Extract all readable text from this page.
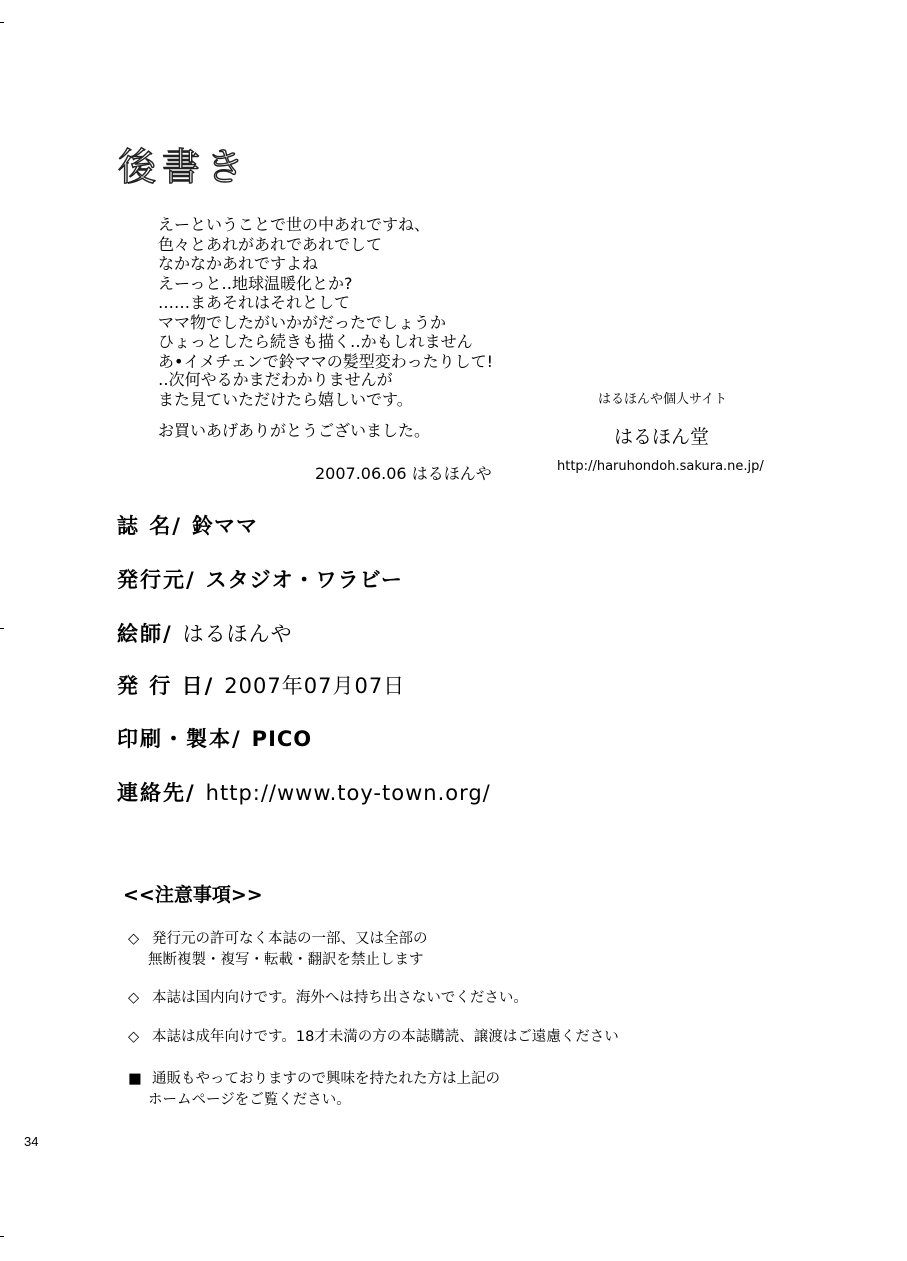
後書き
えーということで世の中あれですね、
色々とあれがあれであれでして
なかなかあれですよね
えーっと‥地球温暖化とか?
‥‥‥まあそれはそれとして
ママ物でしたがいかがだったでしょうか
ひょっとしたら続きも描く‥かもしれません
あ•イメチェンで鈴ママの髪型変わったりして!
‥次何やるかまだわかりませんが
また見ていただけたら嬉しいです。
お買いあげありがとうございました。
2007.06.06 はるほんや
はるほんや個人サイト
はるほん堂
http://haruhondoh.sakura.ne.jp/
誌 名/ 鈴ママ
発行元/ スタジオ・ワラビー
絵師/ はるほんや
発 行 日/ 2007年07月07日
印刷・製本/ PICO
連絡先/ http://www.toy-town.org/
<<注意事項>>
◇ 発行元の許可なく本誌の一部、又は全部の
無断複製・複写・転載・翻訳を禁止します
◇ 本誌は国内向けです。海外へは持ち出さないでください。
◇ 本誌は成年向けです。18才未満の方の本誌購読、譲渡はご遠慮ください
■ 通販もやっておりますので興味を持たれた方は上記の
ホームページをご覧ください。
34
